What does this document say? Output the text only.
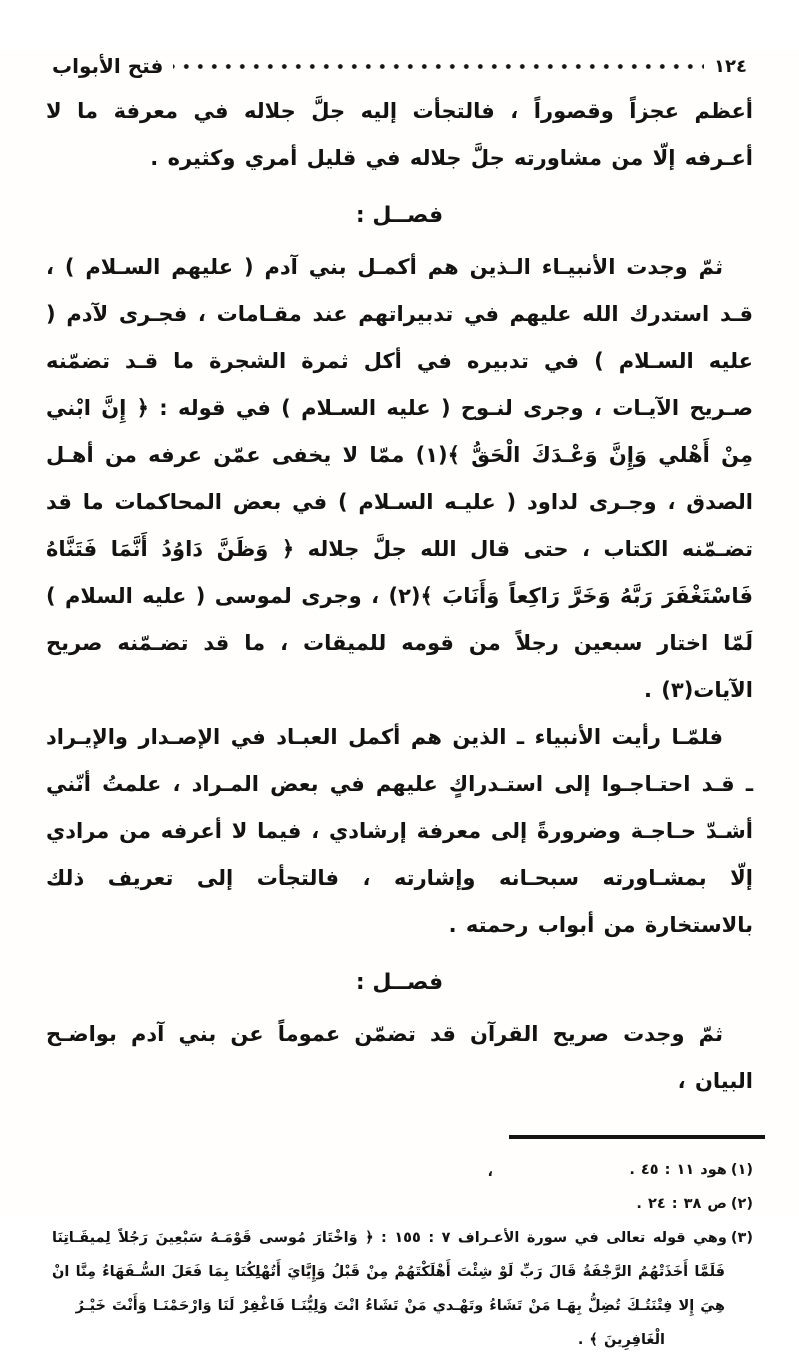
١٢٤
فتح الأبواب

أعظم عجزاً وقصوراً ، فالتجأت إليه جلَّ جلاله في معرفة ما لا أعـرفه إلّا من مشاورته جلَّ جلاله في قليل أمري وكثيره .

فصــل :

ثمّ وجدت الأنبيـاء الـذين هم أكمـل بني آدم ( عليهم السـلام ) ، قـد استدرك الله عليهم في تدبيراتهم عند مقـامات ، فجـرى لآدم ( عليه السـلام ) في تدبيره في أكل ثمرة الشجرة ما قـد تضمّنه صـريح الآيـات ، وجرى لنـوح ( عليه السـلام ) في قوله : ﴿ إِنَّ ابْني مِنْ أَهْلي وَإِنَّ وَعْـدَكَ الْحَقُّ ﴾(١) ممّا لا يخفى عمّن عرفه من أهـل الصدق ، وجـرى لداود ( عليـه السـلام ) في بعض المحاكمات ما قد تضـمّنه الكتاب ، حتى قال الله جلَّ جلاله ﴿ وَظَنَّ دَاوُدُ أَنَّمَا فَتَنَّاهُ فَاسْتَغْفَرَ رَبَّهُ وَخَرَّ رَاكِعاً وَأَنَابَ ﴾(٢) ، وجرى لموسى ( عليه السلام ) لَمّا اختار سبعين رجلاً من قومه للميقات ، ما قد تضـمّنه صريح الآيات(٣) .

فلمّـا رأيت الأنبياء ـ الذين هم أكمل العبـاد في الإصـدار والإيـراد ـ قـد احتـاجـوا إلى استـدراكٍ عليهم في بعض المـراد ، علمتُ أنّني أشـدّ حـاجـة وضرورةً إلى معرفة إرشادي ، فيما لا أعرفه من مرادي إلّا بمشـاورته سبحـانه وإشارته ، فالتجأت إلى تعريف ذلك بالاستخارة من أبواب رحمته .

فصــل :

ثمّ وجدت صريح القرآن قد تضمّن عموماً عن بني آدم بواضـح البيان ،

(١)هود ١١ : ٤٥ .
،
(٢)ص ٣٨ : ٢٤ .
(٣)وهي قوله تعالى في سورة الأعـراف ٧ : ١٥٥ : ﴿ وَاخْتَارَ مُوسى قَوْمَـهُ سَبْعِينَ رَجُلاً لِميقَـاتِنَا فَلَمَّا أَخَذَتْهُمُ الرَّجْفَةُ قَالَ رَبِّ لَوْ شِئْتَ أَهْلَكْتَهُمْ مِنْ قَبْلُ وَإِيَّايَ أَتُهْلِكُنَا بِمَا فَعَلَ السُّـفَهَاءُ مِنَّا انْ هِيَ إِلا فِتْنَتُـكَ تُضِلُّ بِهَـا مَنْ تَشَاءُ وتَهْـدي مَنْ تَشَاءُ انْتَ وَلِيُّنَـا فَاغْفِرْ لَنَا وَارْحَمْنَـا وَأَنْتَ خَيْـرُ
الْغَافِرِينَ ﴾ .
